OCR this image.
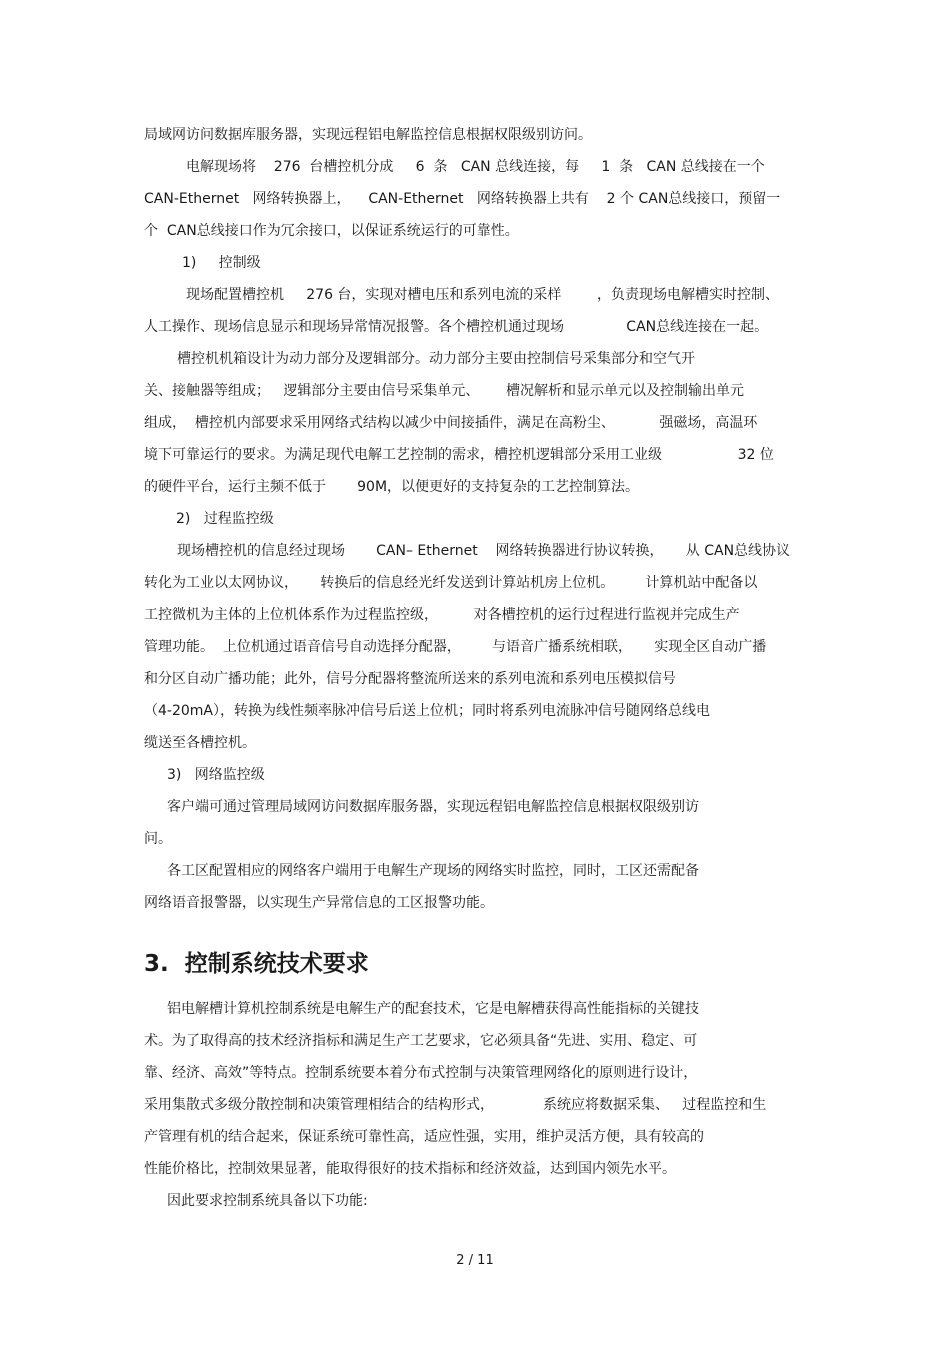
局域网访问数据库服务器，实现远程铝电解监控信息根据权限级别访问。

电解现场将    276  台槽控机分成     6  条   CAN 总线连接，每     1  条   CAN 总线接在一个

CAN-Ethernet   网络转换器上，    CAN-Ethernet   网络转换器上共有    2 个 CAN总线接口，预留一

个  CAN总线接口作为冗余接口，以保证系统运行的可靠性。

1)     控制级

现场配置槽控机     276 台，实现对槽电压和系列电流的采样        ，负责现场电解槽实时控制、

人工操作、现场信息显示和现场异常情况报警。各个槽控机通过现场              CAN总线连接在一起。

槽控机机箱设计为动力部分及逻辑部分。动力部分主要由控制信号采集部分和空气开

关、接触器等组成；   逻辑部分主要由信号采集单元、      槽况解析和显示单元以及控制输出单元

组成，  槽控机内部要求采用网络式结构以减少中间接插件，满足在高粉尘、          强磁场，高温环

境下可靠运行的要求。为满足现代电解工艺控制的需求，槽控机逻辑部分采用工业级                 32 位

的硬件平台，运行主频不低于       90M，以便更好的支持复杂的工艺控制算法。

2)   过程监控级

现场槽控机的信息经过现场       CAN– Ethernet    网络转换器进行协议转换，     从 CAN总线协议

转化为工业以太网协议，     转换后的信息经光纤发送到计算站机房上位机。       计算机站中配备以

工控微机为主体的上位机体系作为过程监控级，        对各槽控机的运行过程进行监视并完成生产

管理功能。  上位机通过语音信号自动选择分配器，       与语音广播系统相联，     实现全区自动广播

和分区自动广播功能；此外，信号分配器将整流所送来的系列电流和系列电压模拟信号

（4-20mA），转换为线性频率脉冲信号后送上位机；同时将系列电流脉冲信号随网络总线电

缆送至各槽控机。

3)   网络监控级

客户端可通过管理局域网访问数据库服务器，实现远程铝电解监控信息根据权限级别访

问。

各工区配置相应的网络客户端用于电解生产现场的网络实时监控，同时，工区还需配备

网络语音报警器，以实现生产异常信息的工区报警功能。

3.  控制系统技术要求

铝电解槽计算机控制系统是电解生产的配套技术，它是电解槽获得高性能指标的关键技

术。为了取得高的技术经济指标和满足生产工艺要求，它必须具备“先进、实用、稳定、可

靠、经济、高效”等特点。控制系统要本着分布式控制与决策管理网络化的原则进行设计，

采用集散式多级分散控制和决策管理相结合的结构形式，           系统应将数据采集、   过程监控和生

产管理有机的结合起来，保证系统可靠性高，适应性强，实用，维护灵活方便，具有较高的

性能价格比，控制效果显著，能取得很好的技术指标和经济效益，达到国内领先水平。

因此要求控制系统具备以下功能:

2 / 11
